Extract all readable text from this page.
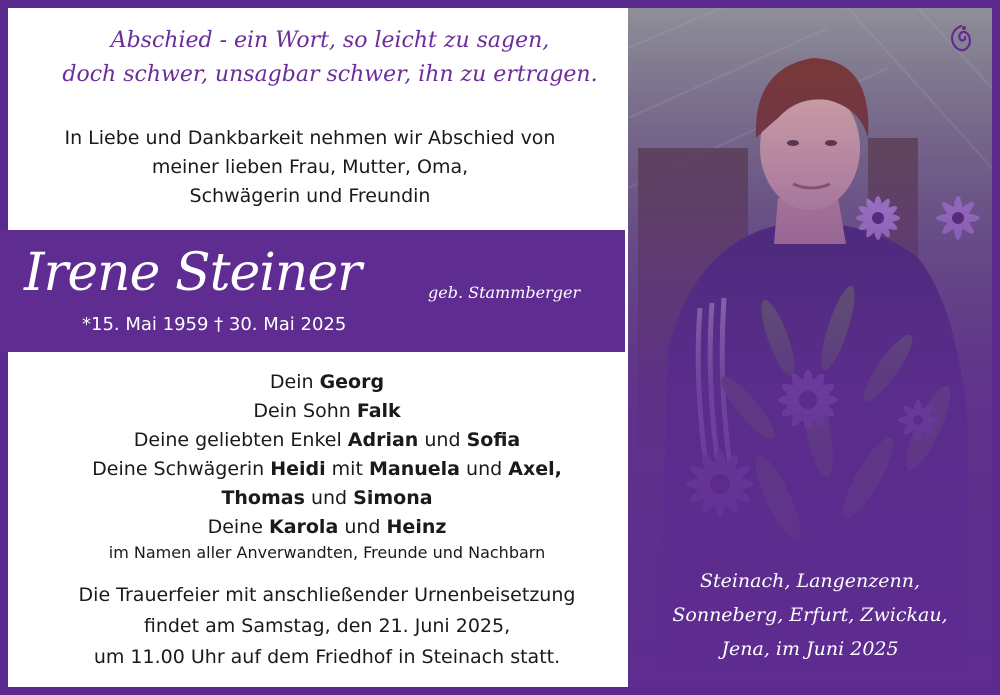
Abschied - ein Wort, so leicht zu sagen,
doch schwer, unsagbar schwer, ihn zu ertragen.
In Liebe und Dankbarkeit nehmen wir Abschied von
meiner lieben Frau, Mutter, Oma,
Schwägerin und Freundin
Irene Steiner	geb. Stammberger
*15. Mai 1959 † 30. Mai 2025
Dein Georg
Dein Sohn Falk
Deine geliebten Enkel Adrian und Sofia
Deine Schwägerin Heidi mit Manuela und Axel,
Thomas und Simona
Deine Karola und Heinz
im Namen aller Anverwandten, Freunde und Nachbarn
Die Trauerfeier mit anschließender Urnenbeisetzung
findet am Samstag, den 21. Juni 2025,
um 11.00 Uhr auf dem Friedhof in Steinach statt.
Steinach, Langenzenn,
Sonneberg, Erfurt, Zwickau,
Jena, im Juni 2025
